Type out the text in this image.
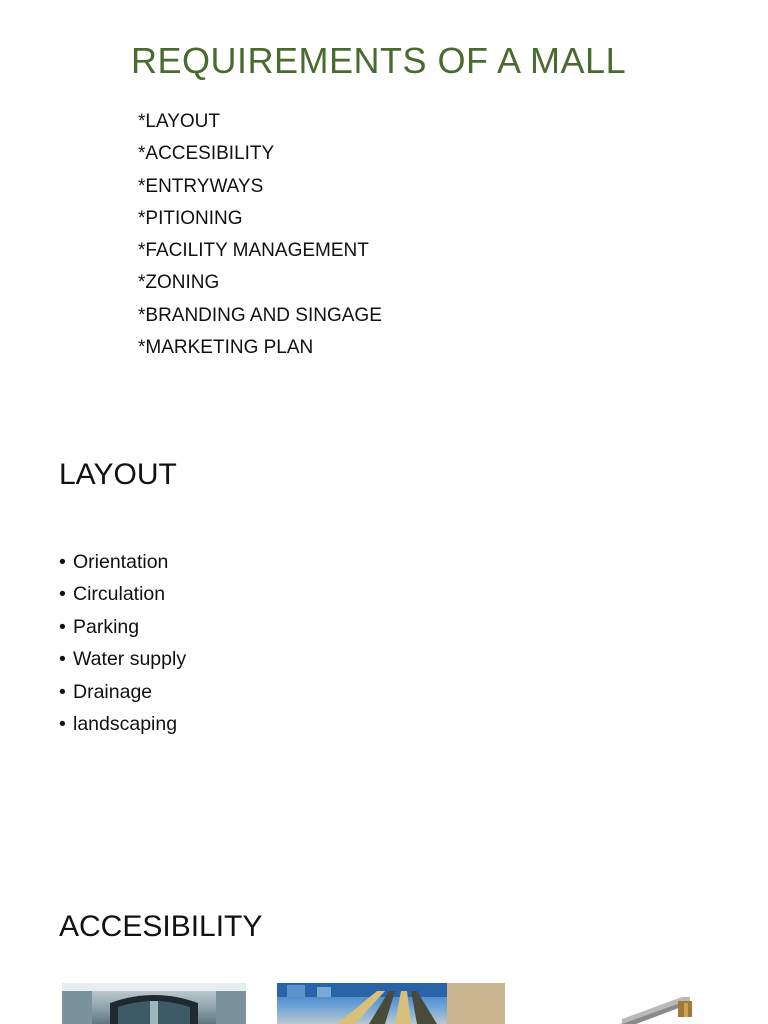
REQUIREMENTS OF A MALL
*LAYOUT
*ACCESIBILITY
*ENTRYWAYS
*PITIONING
*FACILITY MANAGEMENT
*ZONING
*BRANDING AND SINGAGE
*MARKETING PLAN
LAYOUT
• Orientation
• Circulation
• Parking
• Water supply
• Drainage
• landscaping
ACCESIBILITY
